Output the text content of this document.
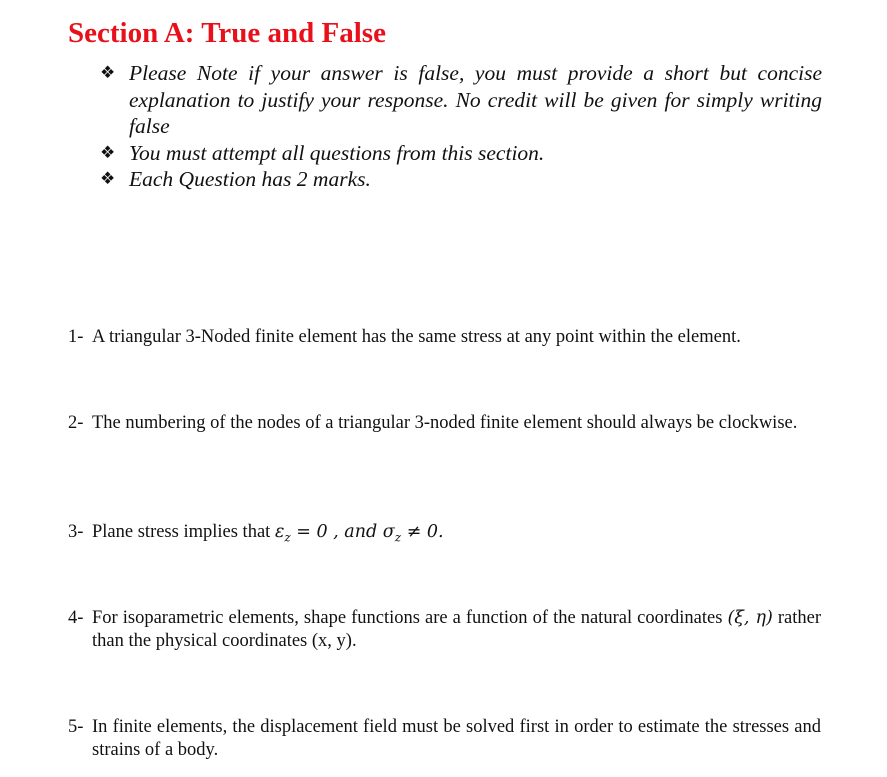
Section A: True and False
❖ Please Note if your answer is false, you must provide a short but concise explanation to justify your response. No credit will be given for simply writing false
❖ You must attempt all questions from this section.
❖ Each Question has 2 marks.
1- A triangular 3-Noded finite element has the same stress at any point within the element.
2- The numbering of the nodes of a triangular 3-noded finite element should always be clockwise.
3- Plane stress implies that $\varepsilon_z = 0$ , and $\sigma_z \ne 0$.
4- For isoparametric elements, shape functions are a function of the natural coordinates (ξ, η) rather than the physical coordinates (x, y).
5- In finite elements, the displacement field must be solved first in order to estimate the stresses and strains of a body.
